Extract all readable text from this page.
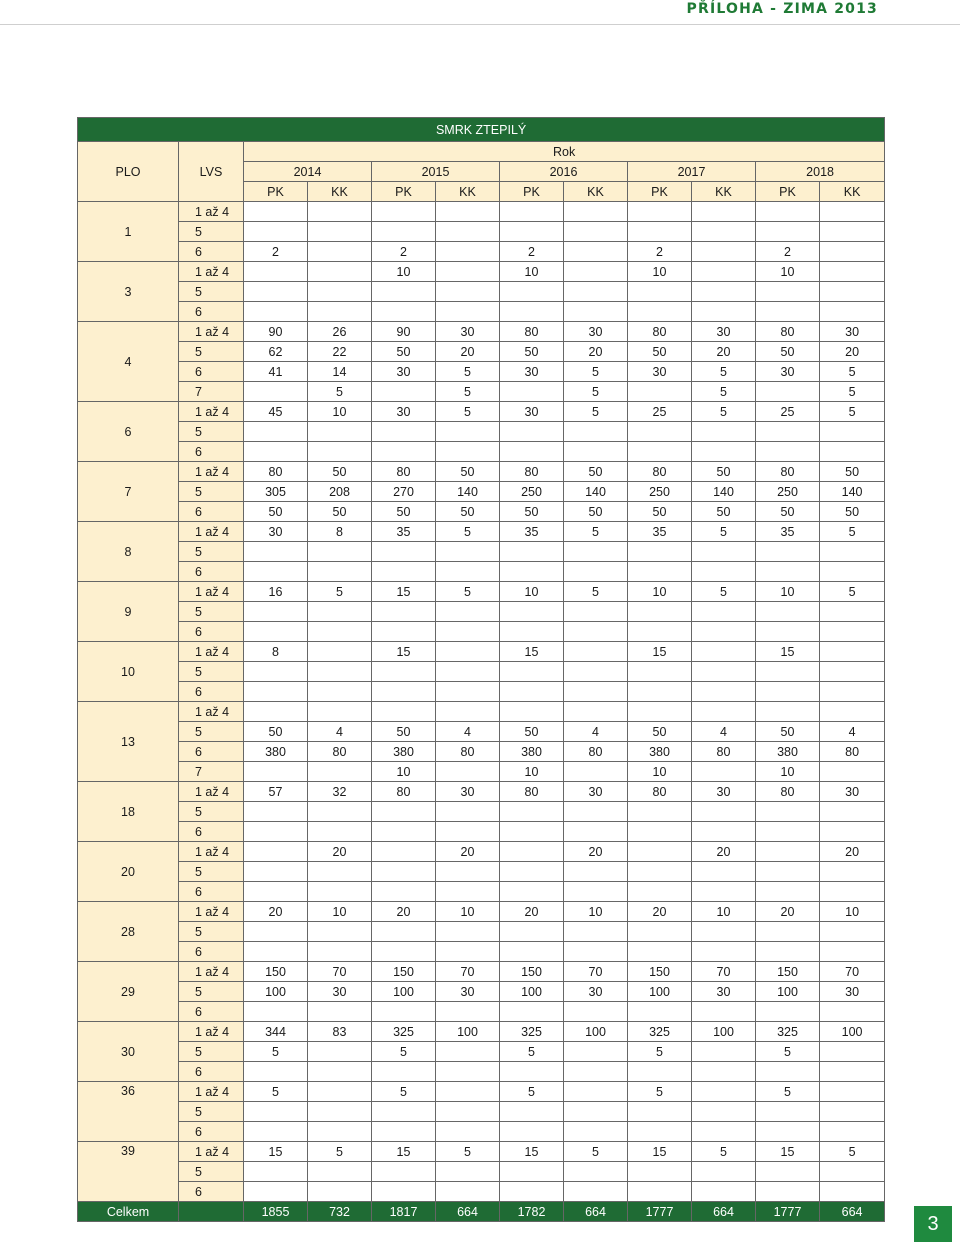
PŘÍLOHA - ZIMA 2013
SMRK ZTEPILÝ											
PLO	LVS	Rok									
		2014		2015		2016		2017		2018	
		PK	KK	PK	KK	PK	KK	PK	KK	PK	KK
1	1 až 4										
	5										
	6	2		2		2		2		2	
3	1 až 4			10		10		10		10	
	5										
	6										
4	1 až 4	90	26	90	30	80	30	80	30	80	30
	5	62	22	50	20	50	20	50	20	50	20
	6	41	14	30	5	30	5	30	5	30	5
	7		5		5		5		5		5
6	1 až 4	45	10	30	5	30	5	25	5	25	5
	5										
	6										
7	1 až 4	80	50	80	50	80	50	80	50	80	50
	5	305	208	270	140	250	140	250	140	250	140
	6	50	50	50	50	50	50	50	50	50	50
8	1 až 4	30	8	35	5	35	5	35	5	35	5
	5										
	6										
9	1 až 4	16	5	15	5	10	5	10	5	10	5
	5										
	6										
10	1 až 4	8		15		15		15		15	
	5										
	6										
13	1 až 4										
	5	50	4	50	4	50	4	50	4	50	4
	6	380	80	380	80	380	80	380	80	380	80
	7			10		10		10		10	
18	1 až 4	57	32	80	30	80	30	80	30	80	30
	5										
	6										
20	1 až 4		20		20		20		20		20
	5										
	6										
28	1 až 4	20	10	20	10	20	10	20	10	20	10
	5										
	6										
29	1 až 4	150	70	150	70	150	70	150	70	150	70
	5	100	30	100	30	100	30	100	30	100	30
	6										
30	1 až 4	344	83	325	100	325	100	325	100	325	100
	5	5		5		5		5		5	
	6										
36	1 až 4	5		5		5		5		5	
	5										
	6										
39	1 až 4	15	5	15	5	15	5	15	5	15	5
	5										
	6										
Celkem		1855	732	1817	664	1782	664	1777	664	1777	664
3
